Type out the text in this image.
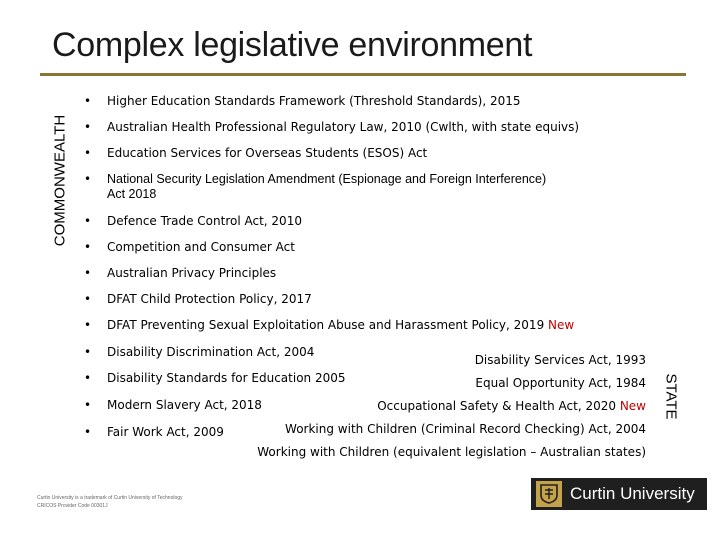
Complex legislative environment
COMMONWEALTH
• Higher Education Standards Framework (Threshold Standards), 2015
• Australian Health Professional Regulatory Law, 2010 (Cwlth, with state equivs)
• Education Services for Overseas Students (ESOS) Act
• National Security Legislation Amendment (Espionage and Foreign Interference)
Act 2018
• Defence Trade Control Act, 2010
• Competition and Consumer Act
• Australian Privacy Principles
• DFAT Child Protection Policy, 2017
• DFAT Preventing Sexual Exploitation Abuse and Harassment Policy, 2019 New
• Disability Discrimination Act, 2004
• Disability Standards for Education 2005
• Modern Slavery Act, 2018
• Fair Work Act, 2009
Disability Services Act, 1993
Equal Opportunity Act, 1984
Occupational Safety & Health Act, 2020 New
Working with Children (Criminal Record Checking) Act, 2004
Working with Children (equivalent legislation – Australian states)
STATE
Curtin University is a trademark of Curtin University of Technology
CRICOS Provider Code 00301J
Curtin University
